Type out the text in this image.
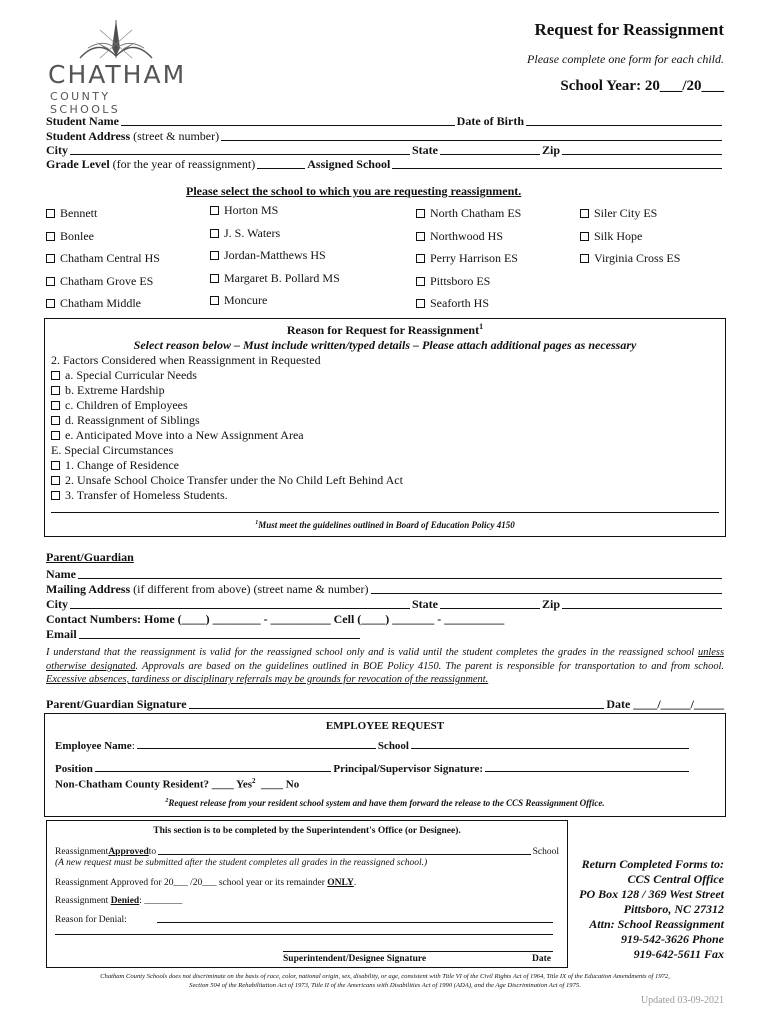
CHATHAM
COUNTY SCHOOLS
Request for Reassignment
Please complete one form for each child.
School Year: 20___/20___
Student Name	Date of Birth
Student Address
(street & number)
City	State	Zip
Grade Level
(for the year of reassignment)	Assigned School
Please select the school to which you are requesting reassignment.
Bennett
Bonlee
Chatham Central HS
Chatham Grove ES
Chatham Middle
Horton MS
J. S. Waters
Jordan-Matthews HS
Margaret B. Pollard MS
Moncure
North Chatham ES
Northwood HS
Perry Harrison ES
Pittsboro ES
Seaforth HS
Siler City ES
Silk Hope
Virginia Cross ES
Reason for Request for Reassignment$^1$
Select reason below – Must include written/typed details – Please attach additional pages as necessary
2. Factors Considered when Reassignment in Requested
a. Special Curricular Needs
b. Extreme Hardship
c. Children of Employees
d. Reassignment of Siblings
e. Anticipated Move into a New Assignment Area
E. Special Circumstances
1. Change of Residence
2. Unsafe School Choice Transfer under the No Child Left Behind Act
3. Transfer of Homeless Students.
$^1$Must meet the guidelines outlined in Board of Education Policy 4150
Parent/Guardian
Name
Mailing Address
(if different from above) (street name & number)
City	State	Zip
Contact Numbers: Home (____) ________ - __________ Cell (____) _______ - __________
Email
I understand that the reassignment is valid for the reassigned school only and is valid until the student completes the grades in the reassigned school unless otherwise designated. Approvals are based on the guidelines outlined in BOE Policy 4150. The parent is responsible for transportation to and from school. Excessive absences, tardiness or disciplinary referrals may be grounds for revocation of the reassignment.
Parent/Guardian Signature	Date ____/_____/_____
EMPLOYEE REQUEST
Employee Name :	School
Position	Principal/Supervisor Signature:
Non-Chatham County Resident? ____ Yes$^2$ ____ No
$^2$Request release from your resident school system and have them forward the release to the CCS Reassignment Office.
This section is to be completed by the Superintendent's Office (or Designee).
Reassignment Approved to	School
(A new request must be submitted after the student completes all grades in the reassigned school.)
Reassignment Approved for 20___ /20___ school year or its remainder ONLY.
Reassignment Denied: ________
Reason for Denial:
Superintendent/Designee Signature	Date
Return Completed Forms to:
CCS Central Office
PO Box 128 / 369 West Street
Pittsboro, NC 27312
Attn: School Reassignment
919-542-3626 Phone
919-642-5611 Fax
Chatham County Schools does not discriminate on the basis of race, color, national origin, sex, disability, or age, consistent with Title VI of the Civil Rights Act of 1964, Title IX of the Education Amendments of 1972,
Section 504 of the Rehabilitation Act of 1973, Title II of the Americans with Disabilities Act of 1990 (ADA), and the Age Discrimination Act of 1975.
Updated 03-09-2021
